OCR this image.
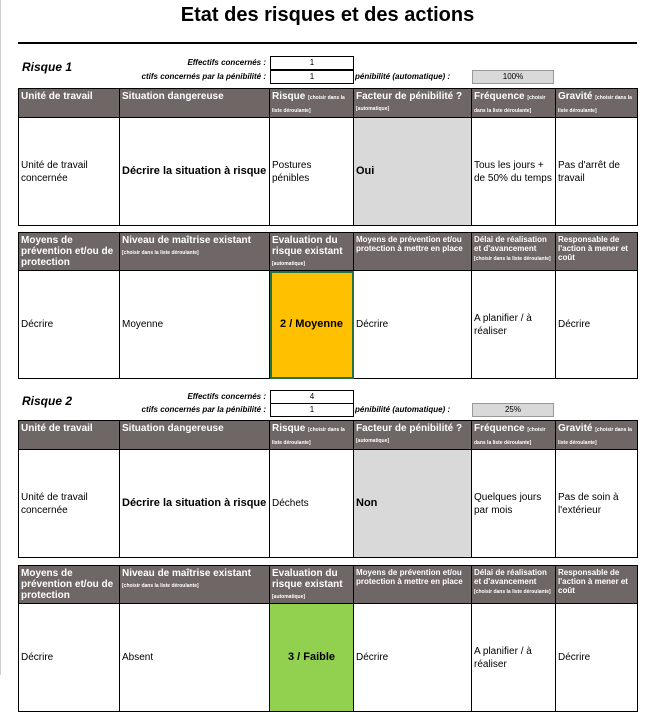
Etat des risques et des actions
Risque 1	Effectifs concernés :	1
ctifs concernés par la pénibilité :	1	pénibilité (automatique) :	100%
Unité de travail	Situation dangereuse	Risque [choisir dans la liste déroulante]	Facteur de pénibilité ? [automatique]	Fréquence [choisir dans la liste déroulante]	Gravité [choisir dans la liste déroulante]
Unité de travail concernée	Décrire la situation à risque	Postures pénibles	Oui	Tous les jours + de 50% du temps	Pas d'arrêt de travail
Moyens de prévention et/ou de protection	Niveau de maîtrise existant [choisir dans la liste déroulante]	Evaluation du risque existant [automatique]	Moyens de prévention et/ou protection à mettre en place	Délai de réalisation et d'avancement [choisir dans la liste déroulante]	Responsable de l'action à mener et coût
Décrire	Moyenne	2 / Moyenne	Décrire	A planifier / à réaliser	Décrire
Risque 2	Effectifs concernés :	4
ctifs concernés par la pénibilité :	1	pénibilité (automatique) :	25%
Unité de travail	Situation dangereuse	Risque [choisir dans la liste déroulante]	Facteur de pénibilité ? [automatique]	Fréquence [choisir dans la liste déroulante]	Gravité [choisir dans la liste déroulante]
Unité de travail concernée	Décrire la situation à risque	Déchets	Non	Quelques jours par mois	Pas de soin à l'extérieur
Moyens de prévention et/ou de protection	Niveau de maîtrise existant [choisir dans la liste déroulante]	Evaluation du risque existant [automatique]	Moyens de prévention et/ou protection à mettre en place	Délai de réalisation et d'avancement [choisir dans la liste déroulante]	Responsable de l'action à mener et coût
Décrire	Absent	3 / Faible	Décrire	A planifier / à réaliser	Décrire
